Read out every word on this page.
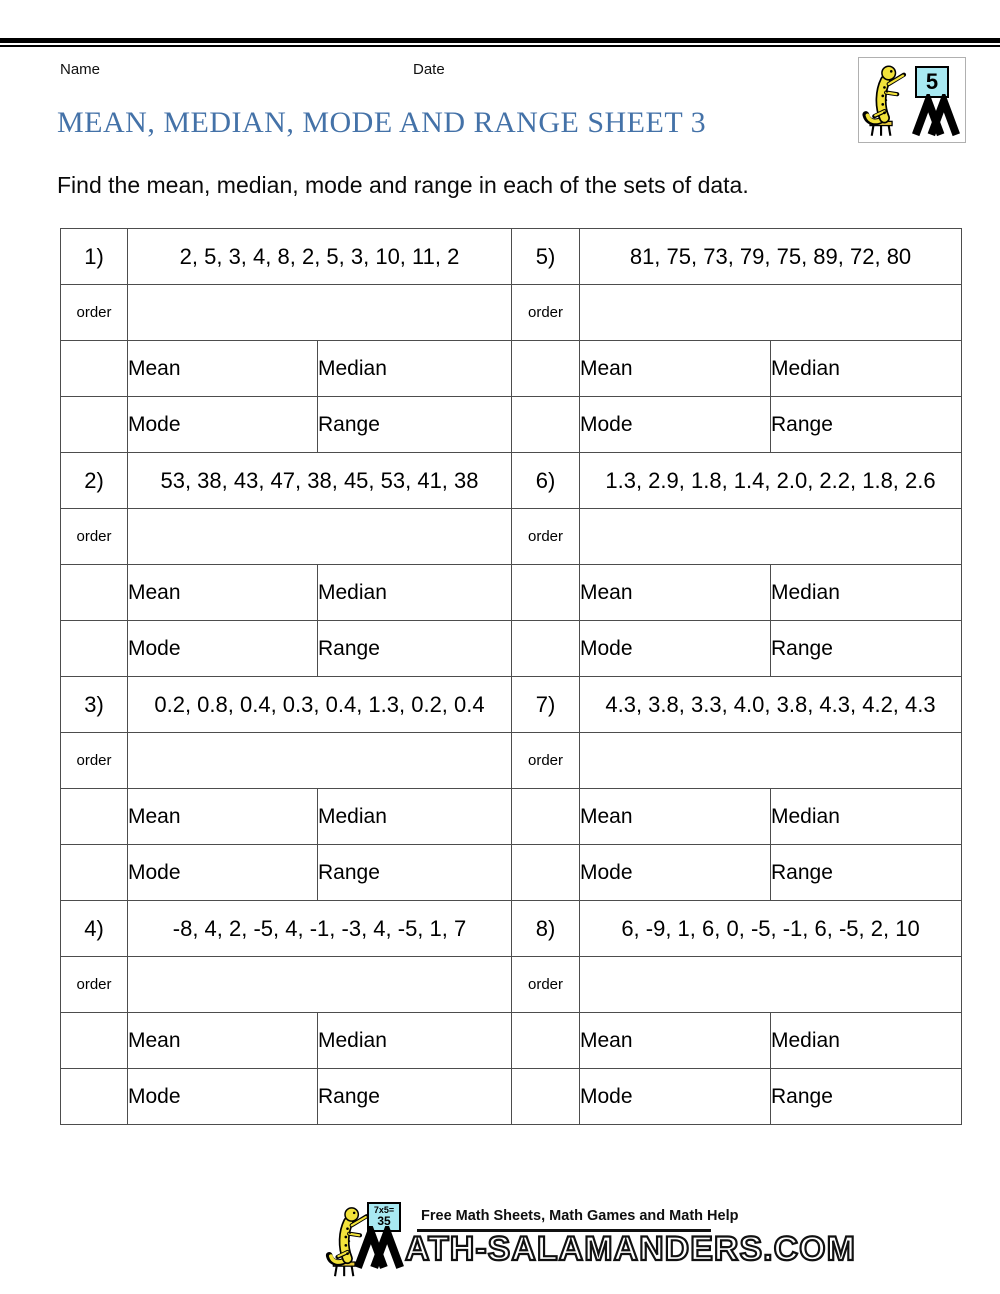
Name	Date	5
MEAN, MEDIAN, MODE AND RANGE SHEET 3
Find the mean, median, mode and range in each of the sets of data.
1)	2, 5, 3, 4, 8, 2, 5, 3, 10, 11, 2		5)	81, 75, 73, 79, 75, 89, 72, 80	
order			order		
	Mean	Median		Mean	Median
	Mode	Range		Mode	Range
2)	53, 38, 43, 47, 38, 45, 53, 41, 38		6)	1.3, 2.9, 1.8, 1.4, 2.0, 2.2, 1.8, 2.6	
order			order		
	Mean	Median		Mean	Median
	Mode	Range		Mode	Range
3)	0.2, 0.8, 0.4, 0.3, 0.4, 1.3, 0.2, 0.4		7)	4.3, 3.8, 3.3, 4.0, 3.8, 4.3, 4.2, 4.3	
order			order		
	Mean	Median		Mean	Median
	Mode	Range		Mode	Range
4)	-8, 4, 2, -5, 4, -1, -3, 4, -5, 1, 7		8)	6, -9, 1, 6, 0, -5, -1, 6, -5, 2, 10	
order			order		
	Mean	Median		Mean	Median
	Mode	Range		Mode	Range
7x5=
35	Free Math Sheets, Math Games and Math Help
ATH-SALAMANDERS.COM
